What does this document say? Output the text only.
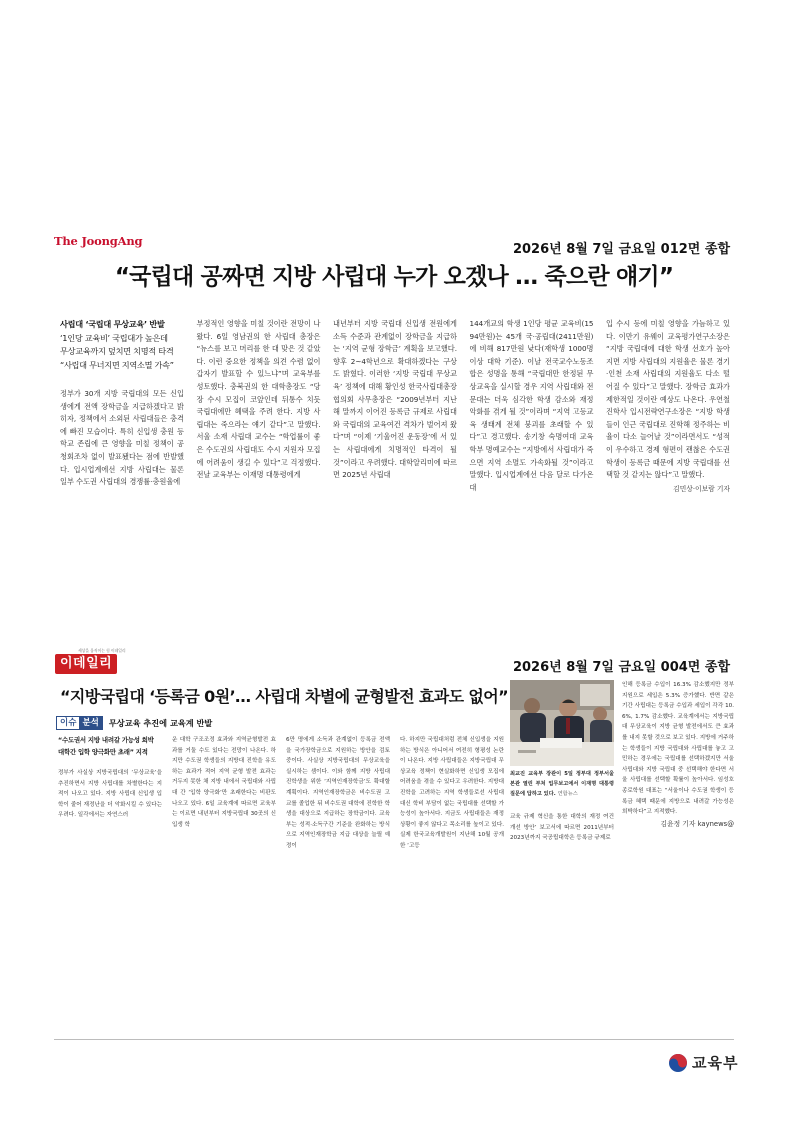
The JoongAng
2026년 8월 7일 금요일 012면 종합
“국립대 공짜면 지방 사립대 누가 오겠나 … 죽으란 얘기”
사립대 ‘국립대 무상교육’ 반발
‘1인당 교육비’ 국립대가 높은데
무상교육까지 덮치면 치명적 타격
“사립대 무너지면 지역소멸 가속”

정부가 30개 지방 국립대의 모든 신입생에게 전액 장학금을 지급하겠다고 밝히자, 정책에서 소외된 사립대들은 충격에 빠진 모습이다. 특히 신입생 충원 등 학교 존립에 큰 영향을 미칠 정책이 공청회조차 없이 발표됐다는 점에 반발했다. 입시업계에선 지방 사립대는 물론 일부 수도권 사립대의 경쟁률·충원율에

부정적인 영향을 미칠 것이란 전망이 나왔다. 6일 영남권의 한 사립대 총장은 “뉴스를 보고 머리를 한 대 맞은 것 같았다. 이런 중요한 정책을 의견 수렴 없이 갑자기 발표할 수 있느냐”며 교육부를 성토했다. 충북권의 한 대학총장도 “당장 수시 모집이 코앞인데 뒤통수 치듯 국립대에만 혜택을 주려 한다. 지방 사립대는 죽으라는 얘기 같다”고 말했다. 서울 소재 사립대 교수는 “학업률이 좋은 수도권의 사립대도 수시 지원자 모집에 어려움이 생길 수 있다”고 걱정했다. 전날 교육부는 이재명 대통령에게

내년부터 지방 국립대 신입생 전원에게 소득 수준과 관계없이 장학금을 지급하는 ‘지역 균형 장학금’ 계획을 보고했다. 향후 2~4학년으로 확대하겠다는 구상도 밝혔다. 이러한 ‘지방 국립대 무상교육’ 정책에 대해 황인성 한국사립대총장협의회 사무총장은 “2009년부터 지난해 말까지 이어진 등록금 규제로 사립대와 국립대의 교육여건 격차가 벌어져 왔다”며 “이제 ‘기울어진 운동장’에 서 있는 사립대에게 치명적인 타격이 될 것”이라고 우려했다. 대학알리미에 따르면 2025년 사립대

144개교의 학생 1인당 평균 교육비(1594만원)는 45개 국·공립대(2411만원)에 비해 817만원 낮다(재학생 1000명 이상 대학 기준). 이날 전국교수노동조합은 성명을 통해 “국립대만 한정된 무상교육을 실시할 경우 지역 사립대와 전문대는 더욱 심각한 학생 감소와 재정 악화를 겪게 될 것”이라며 “지역 고등교육 생태계 전체 붕괴를 초래할 수 있다”고 경고했다. 송기창 숙명여대 교육학부 명예교수는 “지방에서 사립대가 죽으면 지역 소멸도 가속화될 것”이라고 말했다. 입시업계에선 다음 달로 다가온 대

입 수시 등에 미칠 영향을 가늠하고 있다. 이만기 유웨이 교육평가연구소장은 “지방 국립대에 대한 학생 선호가 높아지면 지방 사립대의 지원율은 물론 경기·인천 소재 사립대의 지원율도 다소 떨어질 수 있다”고 말했다. 장학금 효과가 제한적일 것이란 예상도 나온다. 우연철 진학사 입시전략연구소장은 “지방 학생들이 인근 국립대로 진학해 정주하는 비율이 다소 늘어날 것”이라면서도 “성적이 우수하고 경제 형편이 괜찮은 수도권 학생이 등록금 때문에 지방 국립대를 선택할 것 같지는 않다”고 말했다.

김민상·이보람 기자
세상을 움직이는 힘 이데일리
이데일리	2026년 8월 7일 금요일 004면 종합
“지방국립대 ‘등록금 0원’… 사립대 차별에 균형발전 효과도 없어”
이슈 분석	무상교육 추진에 교육계 반발
“수도권서 지방 내려갈 가능성 희박
대학간 입학 양극화만 초래” 지적

정부가 사실상 지방국립대의 ‘무상교육’을 추진하면서 지방 사립대를 차별한다는 지적이 나오고 있다. 지방 사립대 신입생 입학이 줄어 재정난을 더 악화시킬 수 있다는 우려다. 일각에서는 자연스러

운 대학 구조조정 효과와 지역균형발전 효과를 거둘 수도 있다는 전망이 나온다. 하지만 수도권 학생들의 지방대 진학을 유도하는 효과가 적어 지역 균형 발전 효과는 거두지 못한 채 지방 내에서 국립대와 사립대 간 ‘입학 양극화’만 초래한다는 비판도 나오고 있다. 6일 교육계에 따르면 교육부는 이르면 내년부터 지방국립대 30곳의 신입생 학

6만 명에게 소득과 관계없이 등록금 전액을 국가장학금으로 지원하는 방안을 검토 중이다. 사실상 지방국립대의 무상교육을 실시하는 셈이다. 이와 함께 지방 사립대 진학생을 위한 ‘지역인재장학금’도 확대할 계획이다. 지역인재장학금은 비수도권 고교를 졸업한 뒤 비수도권 대학에 진학한 학생을 대상으로 지급하는 장학금이다. 교육부는 성적·소득구간 기준을 완화하는 방식으로 지역인재장학금 지급 대상을 늘릴 예정이

다. 하지만 국립대처럼 전체 신입생을 지원하는 방식은 아니어서 여전히 형평성 논란이 나온다. 지방 사립대들은 지방국립대 무상교육 정책이 현실화하면 신입생 모집에 어려움을 겪을 수 있다고 우려한다. 지방대 진학을 고려하는 지역 학생들로선 사립대 대신 학비 부담이 없는 국립대를 선택할 가능성이 높아서다. 지금도 사립대들은 재정 상황이 좋지 않다고 목소리를 높이고 있다. 실제 한국교육개발원이 지난해 10월 공개한 ‘고등

최교진 교육부 장관이 5일 정부대 정부서울 본관 열린 부처 업무보고에서 이재명 대통령 질문에 답하고 있다. 연합뉴스
교육 규제 혁신을 통한 대학의 재정 여건 개선 방안’ 보고서에 따르면 2011년부터 2023년까지 국공립대학은 등록금 규제로

인해 등록금 수입이 16.3% 감소했지만 정부 지원으로 세입은 5.3% 증가했다. 반면 같은 기간 사립대는 등록금 수입과 세입이 각각 10.6%, 1.7% 감소했다. 교육계에서는 지방국립대 무상교육이 지방 균형 발전에서도 큰 효과를 내지 못할 것으로 보고 있다. 지방에 거주하는 학생들이 지방 국립대와 사립대를 놓고 고민하는 경우에는 국립대를 선택하겠지만 서울 사립대와 지방 국립대 중 선택해야 한다면 서울 사립대를 선택할 확률이 높아서다. 임성호 종로학원 대표는 “서울이나 수도권 학생이 등록금 혜택 때문에 지방으로 내려갈 가능성은 희박하다”고 지적했다.

김윤정 기자 kaynews@
교육부
